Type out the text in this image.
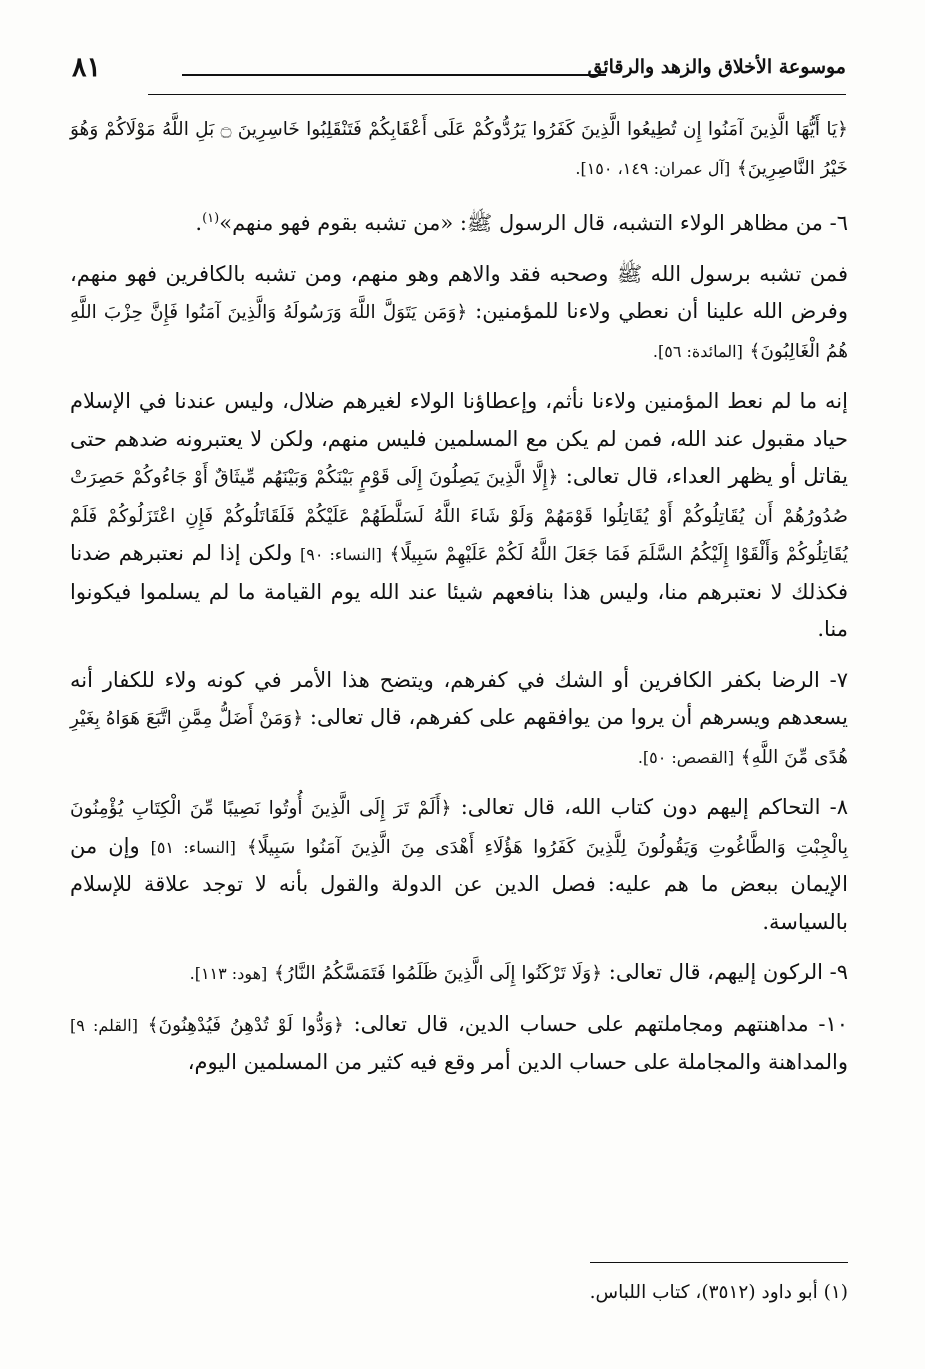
٨١	موسوعة الأخلاق والزهد والرقائق

﴿يَا أَيُّهَا الَّذِينَ آمَنُوا إِن تُطِيعُوا الَّذِينَ كَفَرُوا يَرُدُّوكُمْ عَلَى أَعْقَابِكُمْ فَتَنْقَلِبُوا خَاسِرِينَ ۝ بَلِ اللَّهُ مَوْلَاكُمْ وَهُوَ خَيْرُ النَّاصِرِينَ﴾ [آل عمران: ١٤٩، ١٥٠].

٦- من مظاهر الولاء التشبه، قال الرسول ﷺ: «من تشبه بقوم فهو منهم»$^{(١)}$.

فمن تشبه برسول الله ﷺ وصحبه فقد والاهم وهو منهم، ومن تشبه بالكافرين فهو منهم، وفرض الله علينا أن نعطي ولاءنا للمؤمنين: ﴿وَمَن يَتَوَلَّ اللَّهَ وَرَسُولَهُ وَالَّذِينَ آمَنُوا فَإِنَّ حِزْبَ اللَّهِ هُمُ الْغَالِبُونَ﴾ [المائدة: ٥٦].

إنه ما لم نعط المؤمنين ولاءنا نأثم، وإعطاؤنا الولاء لغيرهم ضلال، وليس عندنا في الإسلام حياد مقبول عند الله، فمن لم يكن مع المسلمين فليس منهم، ولكن لا يعتبرونه ضدهم حتى يقاتل أو يظهر العداء، قال تعالى: ﴿إِلَّا الَّذِينَ يَصِلُونَ إِلَى قَوْمٍ بَيْنَكُمْ وَبَيْنَهُم مِّيثَاقٌ أَوْ جَاءُوكُمْ حَصِرَتْ صُدُورُهُمْ أَن يُقَاتِلُوكُمْ أَوْ يُقَاتِلُوا قَوْمَهُمْ وَلَوْ شَاءَ اللَّهُ لَسَلَّطَهُمْ عَلَيْكُمْ فَلَقَاتَلُوكُمْ فَإِنِ اعْتَزَلُوكُمْ فَلَمْ يُقَاتِلُوكُمْ وَأَلْقَوْا إِلَيْكُمُ السَّلَمَ فَمَا جَعَلَ اللَّهُ لَكُمْ عَلَيْهِمْ سَبِيلًا﴾ [النساء: ٩٠] ولكن إذا لم نعتبرهم ضدنا فكذلك لا نعتبرهم منا، وليس هذا بنافعهم شيئا عند الله يوم القيامة ما لم يسلموا فيكونوا منا.

٧- الرضا بكفر الكافرين أو الشك في كفرهم، ويتضح هذا الأمر في كونه ولاء للكفار أنه يسعدهم ويسرهم أن يروا من يوافقهم على كفرهم، قال تعالى: ﴿وَمَنْ أَضَلُّ مِمَّنِ اتَّبَعَ هَوَاهُ بِغَيْرِ هُدًى مِّنَ اللَّهِ﴾ [القصص: ٥٠].

٨- التحاكم إليهم دون كتاب الله، قال تعالى: ﴿أَلَمْ تَرَ إِلَى الَّذِينَ أُوتُوا نَصِيبًا مِّنَ الْكِتَابِ يُؤْمِنُونَ بِالْجِبْتِ وَالطَّاغُوتِ وَيَقُولُونَ لِلَّذِينَ كَفَرُوا هَؤُلَاءِ أَهْدَى مِنَ الَّذِينَ آمَنُوا سَبِيلًا﴾ [النساء: ٥١] وإن من الإيمان ببعض ما هم عليه: فصل الدين عن الدولة والقول بأنه لا توجد علاقة للإسلام بالسياسة.

٩- الركون إليهم، قال تعالى: ﴿وَلَا تَرْكَنُوا إِلَى الَّذِينَ ظَلَمُوا فَتَمَسَّكُمُ النَّارُ﴾ [هود: ١١٣].

١٠- مداهنتهم ومجاملتهم على حساب الدين، قال تعالى: ﴿وَدُّوا لَوْ تُدْهِنُ فَيُدْهِنُونَ﴾ [القلم: ٩] والمداهنة والمجاملة على حساب الدين أمر وقع فيه كثير من المسلمين اليوم،

(١) أبو داود (٣٥١٢)، كتاب اللباس.
